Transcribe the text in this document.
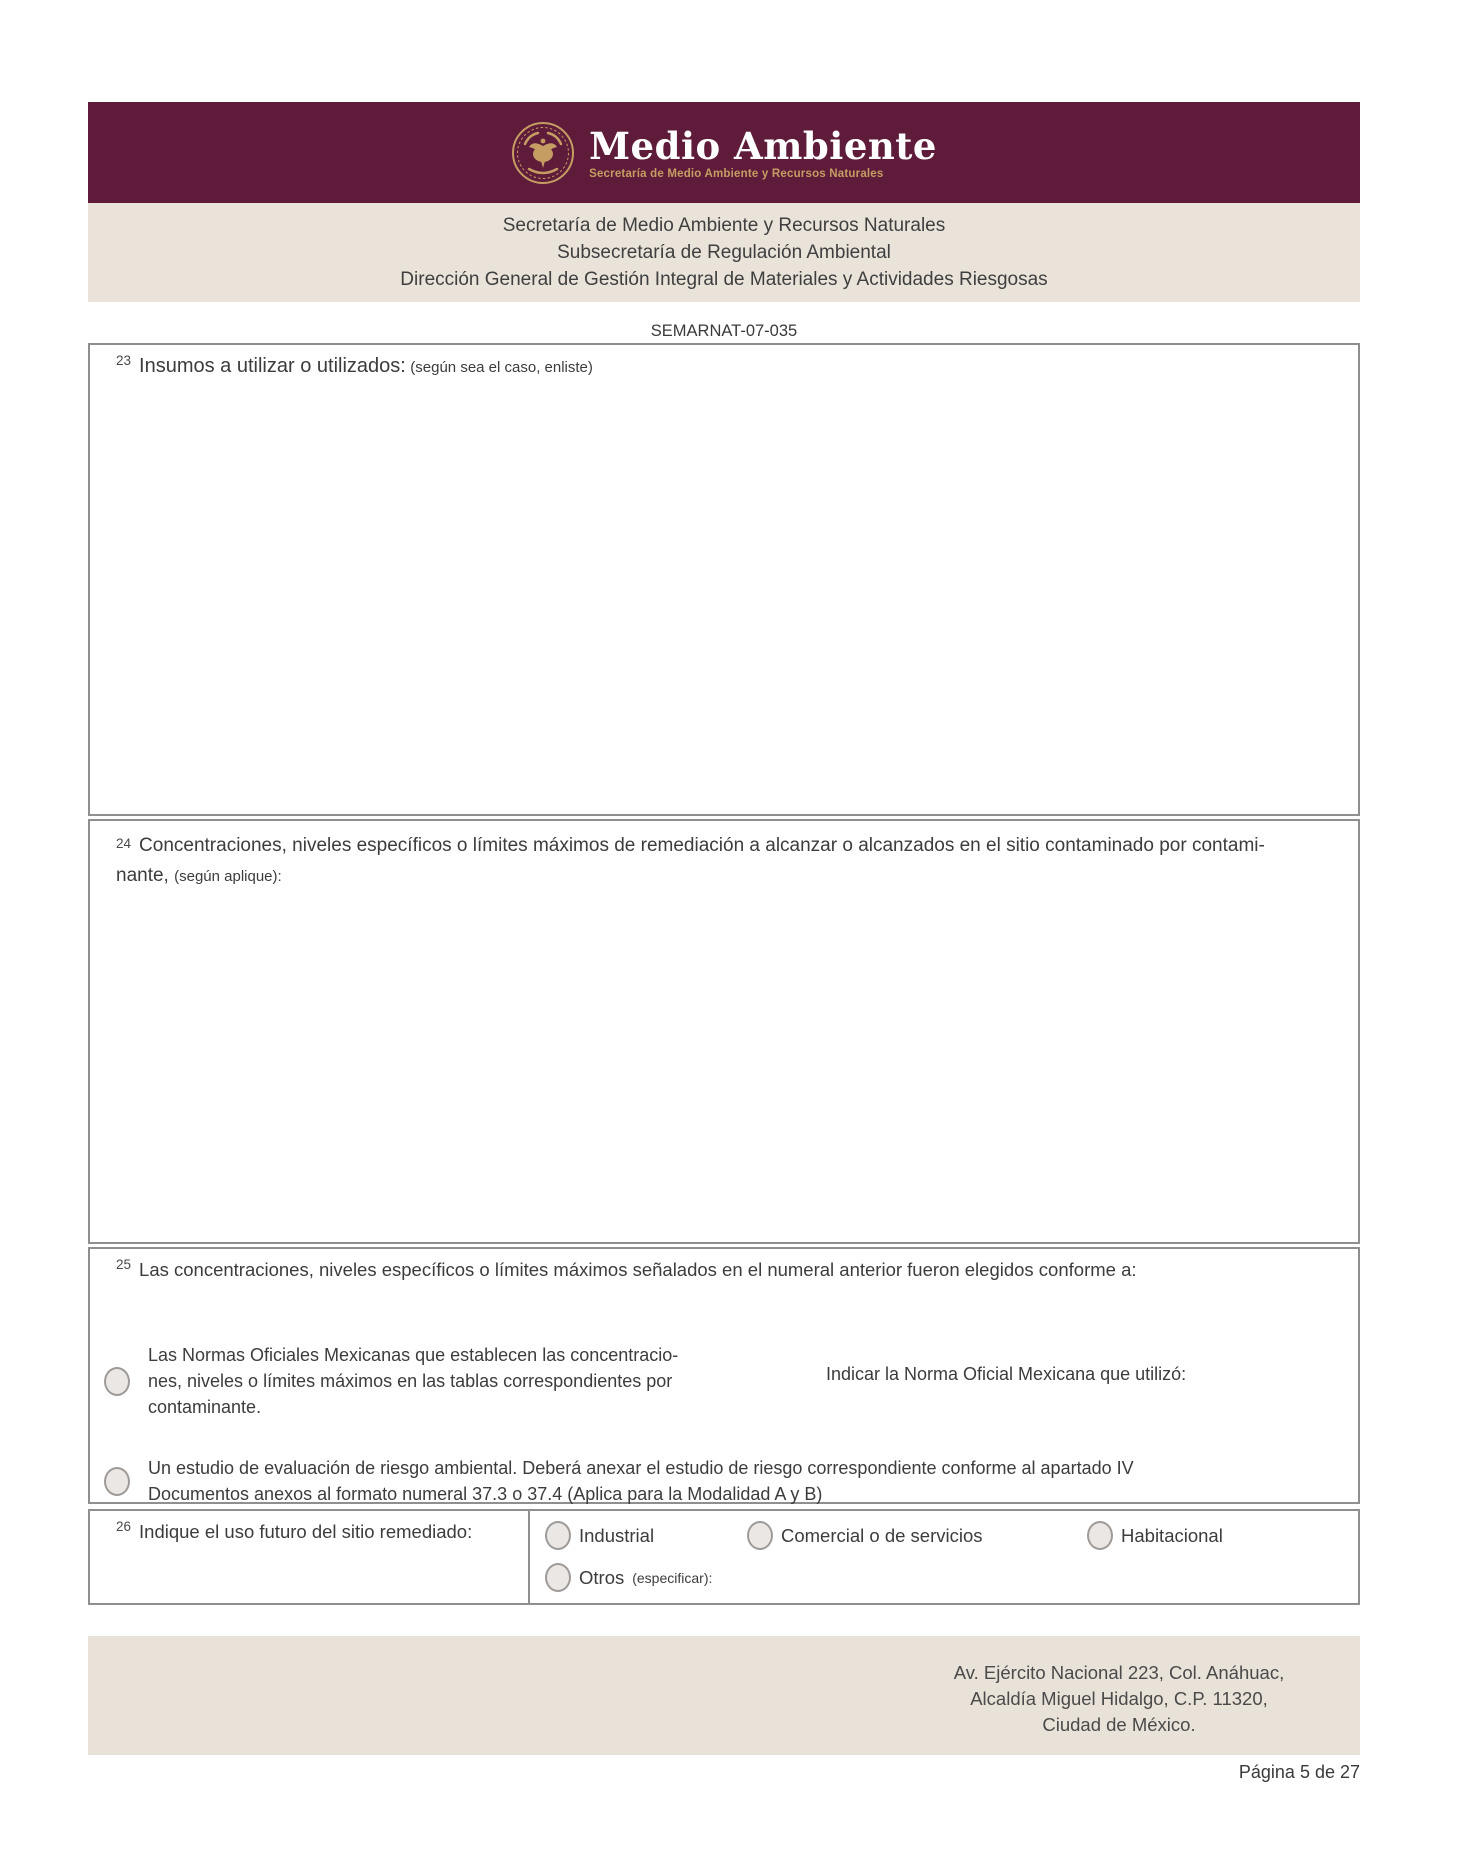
Medio Ambiente
Secretaría de Medio Ambiente y Recursos Naturales
Secretaría de Medio Ambiente y Recursos Naturales
Subsecretaría de Regulación Ambiental
Dirección General de Gestión Integral de Materiales y Actividades Riesgosas
SEMARNAT-07-035
23 Insumos a utilizar o utilizados: (según sea el caso, enliste)
24 Concentraciones, niveles específicos o límites máximos de remediación a alcanzar o alcanzados en el sitio contaminado por contami-
nante, (según aplique):
25 Las concentraciones, niveles específicos o límites máximos señalados en el numeral anterior fueron elegidos conforme a:
Las Normas Oficiales Mexicanas que establecen las concentracio-
nes, niveles o límites máximos en las tablas correspondientes por
contaminante.
Indicar la Norma Oficial Mexicana que utilizó:
Un estudio de evaluación de riesgo ambiental. Deberá anexar el estudio de riesgo correspondiente conforme al apartado IV
Documentos anexos al formato numeral 37.3 o 37.4 (Aplica para la Modalidad A y B)
26 Indique el uso futuro del sitio remediado:	Industrial	Comercial o de servicios	Habitacional
Otros (especificar):
Av. Ejército Nacional 223, Col. Anáhuac,
Alcaldía Miguel Hidalgo, C.P. 11320,
Ciudad de México.
Página 5 de 27
